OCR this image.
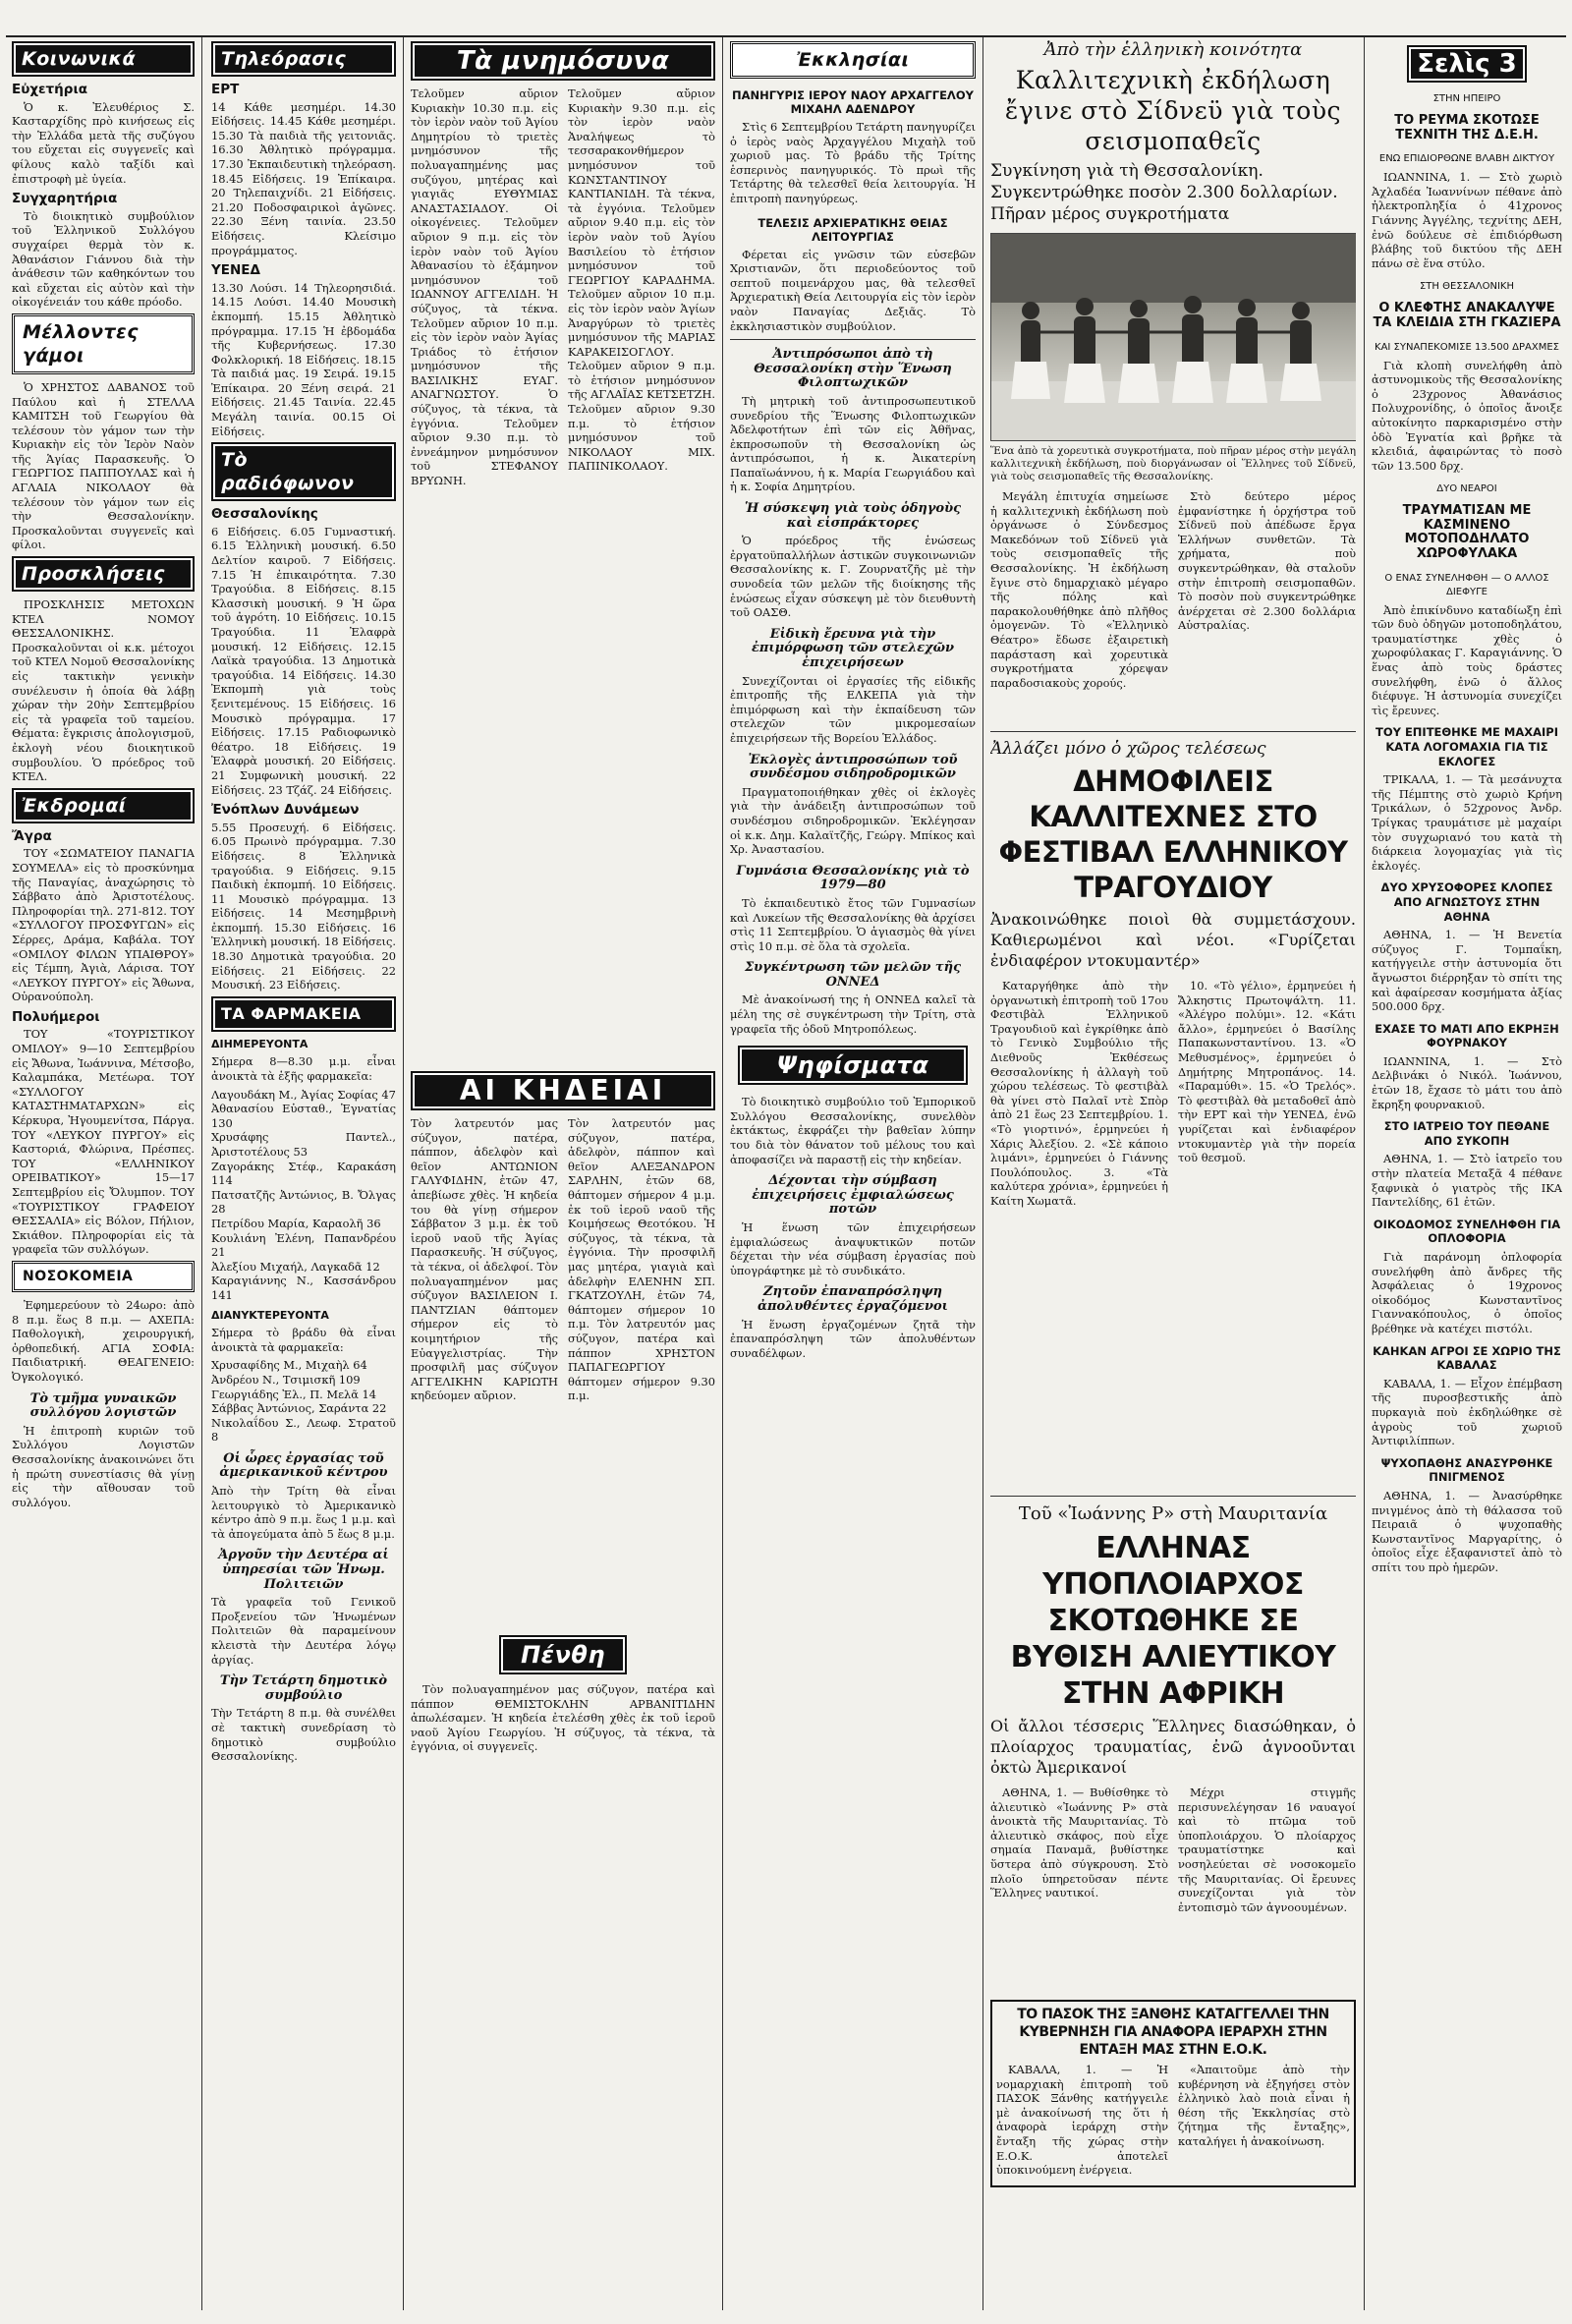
Κοινωνικά
Εὐχετήρια

Ὁ κ. Ἐλευθέριος Σ. Κασταρχίδης πρὸ κινήσεως εἰς τὴν Ἑλλάδα μετὰ τῆς συζύγου του εὔχεται εἰς συγγενεῖς καὶ φίλους καλὸ ταξίδι καὶ ἐπιστροφὴ μὲ ὑγεία.

Συγχαρητήρια

Τὸ διοικητικὸ συμβούλιον τοῦ Ἑλληνικοῦ Συλλόγου συγχαίρει θερμὰ τὸν κ. Ἀθανάσιον Γιάννου διὰ τὴν ἀνάθεσιν τῶν καθηκόντων του καὶ εὔχεται εἰς αὐτὸν καὶ τὴν οἰκογένειάν του κάθε πρόοδο.

Μέλλοντες γάμοι

Ὁ ΧΡΗΣΤΟΣ ΔΑΒΑΝΟΣ τοῦ Παύλου καὶ ἡ ΣΤΕΛΛΑ ΚΑΜΙΤΣΗ τοῦ Γεωργίου θὰ τελέσουν τὸν γάμον των τὴν Κυριακὴν εἰς τὸν Ἱερὸν Ναὸν τῆς Ἁγίας Παρασκευῆς. Ὁ ΓΕΩΡΓΙΟΣ ΠΑΠΠΟΥΛΑΣ καὶ ἡ ΑΓΛΑΙΑ ΝΙΚΟΛΑΟΥ θὰ τελέσουν τὸν γάμον των εἰς τὴν Θεσσαλονίκην. Προσκαλοῦνται συγγενεῖς καὶ φίλοι.

Προσκλήσεις

ΠΡΟΣΚΛΗΣΙΣ ΜΕΤΟΧΩΝ ΚΤΕΛ ΝΟΜΟΥ ΘΕΣΣΑΛΟΝΙΚΗΣ. Προσκαλοῦνται οἱ κ.κ. μέτοχοι τοῦ ΚΤΕΛ Νομοῦ Θεσσαλονίκης εἰς τακτικὴν γενικὴν συνέλευσιν ἡ ὁποία θὰ λάβῃ χώραν τὴν 20ὴν Σεπτεμβρίου εἰς τὰ γραφεῖα τοῦ ταμείου. Θέματα: ἔγκρισις ἀπολογισμοῦ, ἐκλογὴ νέου διοικητικοῦ συμβουλίου. Ὁ πρόεδρος τοῦ ΚΤΕΛ.

Ἐκδρομαί
Ἄγρα

ΤΟΥ «ΣΩΜΑΤΕΙΟΥ ΠΑΝΑΓΙΑ ΣΟΥΜΕΛΑ» εἰς τὸ προσκύνημα τῆς Παναγίας, ἀναχώρησις τὸ Σάββατο ἀπὸ Ἀριστοτέλους. Πληροφορίαι τηλ. 271-812. ΤΟΥ «ΣΥΛΛΟΓΟΥ ΠΡΟΣΦΥΓΩΝ» εἰς Σέρρες, Δράμα, Καβάλα. ΤΟΥ «ΟΜΙΛΟΥ ΦΙΛΩΝ ΥΠΑΙΘΡΟΥ» εἰς Τέμπη, Ἀγιὰ, Λάρισα. ΤΟΥ «ΛΕΥΚΟΥ ΠΥΡΓΟΥ» εἰς Ἄθωνα, Οὐρανούπολη.

Πολυήμεροι

ΤΟΥ «ΤΟΥΡΙΣΤΙΚΟΥ ΟΜΙΛΟΥ» 9—10 Σεπτεμβρίου εἰς Ἄθωνα, Ἰωάννινα, Μέτσοβο, Καλαμπάκα, Μετέωρα. ΤΟΥ «ΣΥΛΛΟΓΟΥ ΚΑΤΑΣΤΗΜΑΤΑΡΧΩΝ» εἰς Κέρκυρα, Ἠγουμενίτσα, Πάργα. ΤΟΥ «ΛΕΥΚΟΥ ΠΥΡΓΟΥ» εἰς Καστοριά, Φλώρινα, Πρέσπες. ΤΟΥ «ΕΛΛΗΝΙΚΟΥ ΟΡΕΙΒΑΤΙΚΟΥ» 15—17 Σεπτεμβρίου εἰς Ὄλυμπον. ΤΟΥ «ΤΟΥΡΙΣΤΙΚΟΥ ΓΡΑΦΕΙΟΥ ΘΕΣΣΑΛΙΑ» εἰς Βόλον, Πήλιον, Σκιάθον. Πληροφορίαι εἰς τὰ γραφεῖα τῶν συλλόγων.

ΝΟΣΟΚΟΜΕΙΑ

Ἐφημερεύουν τὸ 24ωρο: ἀπὸ 8 π.μ. ἕως 8 π.μ. — ΑΧΕΠΑ: Παθολογικὴ, χειρουργική, ὀρθοπεδική. ΑΓΙΑ ΣΟΦΙΑ: Παιδιατρική. ΘΕΑΓΕΝΕΙΟ: Ὀγκολογικό.

Τὸ τμῆμα γυναικῶν συλλόγου λογιστῶν

Ἡ ἐπιτροπὴ κυριῶν τοῦ Συλλόγου Λογιστῶν Θεσσαλονίκης ἀνακοινώνει ὅτι ἡ πρώτη συνεστίασις θὰ γίνῃ εἰς τὴν αἴθουσαν τοῦ συλλόγου.

Τηλεόρασις
ΕΡΤ

14 Κάθε μεσημέρι. 14.30 Εἰδήσεις. 14.45 Κάθε μεσημέρι. 15.30 Τὰ παιδιὰ τῆς γειτονιᾶς. 16.30 Ἀθλητικὸ πρόγραμμα. 17.30 Ἐκπαιδευτικὴ τηλεόραση. 18.45 Εἰδήσεις. 19 Ἐπίκαιρα. 20 Τηλεπαιχνίδι. 21 Εἰδήσεις. 21.20 Ποδοσφαιρικοὶ ἀγῶνες. 22.30 Ξένη ταινία. 23.50 Εἰδήσεις. Κλείσιμο προγράμματος.

ΥΕΝΕΔ

13.30 Λούσι. 14 Τηλεορησιδιά. 14.15 Λούσι. 14.40 Μουσικὴ ἐκπομπή. 15.15 Ἀθλητικὸ πρόγραμμα. 17.15 Ἡ ἐβδομάδα τῆς Κυβερνήσεως. 17.30 Φολκλορική. 18 Εἰδήσεις. 18.15 Τὰ παιδιά μας. 19 Σειρά. 19.15 Ἐπίκαιρα. 20 Ξένη σειρά. 21 Εἰδήσεις. 21.45 Ταινία. 22.45 Μεγάλη ταινία. 00.15 Οἱ Εἰδήσεις.

Τὸ ραδιόφωνον
Θεσσαλονίκης

6 Εἰδήσεις. 6.05 Γυμναστική. 6.15 Ἑλληνικὴ μουσική. 6.50 Δελτίον καιροῦ. 7 Εἰδήσεις. 7.15 Ἡ ἐπικαιρότητα. 7.30 Τραγούδια. 8 Εἰδήσεις. 8.15 Κλασσικὴ μουσική. 9 Ἡ ὥρα τοῦ ἀγρότη. 10 Εἰδήσεις. 10.15 Τραγούδια. 11 Ἐλαφρὰ μουσική. 12 Εἰδήσεις. 12.15 Λαϊκὰ τραγούδια. 13 Δημοτικὰ τραγούδια. 14 Εἰδήσεις. 14.30 Ἐκπομπὴ γιὰ τοὺς ξενιτεμένους. 15 Εἰδήσεις. 16 Μουσικὸ πρόγραμμα. 17 Εἰδήσεις. 17.15 Ραδιοφωνικὸ θέατρο. 18 Εἰδήσεις. 19 Ἐλαφρὰ μουσική. 20 Εἰδήσεις. 21 Συμφωνικὴ μουσική. 22 Εἰδήσεις. 23 Τζάζ. 24 Εἰδήσεις.

Ἐνόπλων Δυνάμεων

5.55 Προσευχή. 6 Εἰδήσεις. 6.05 Πρωινὸ πρόγραμμα. 7.30 Εἰδήσεις. 8 Ἑλληνικὰ τραγούδια. 9 Εἰδήσεις. 9.15 Παιδικὴ ἐκπομπή. 10 Εἰδήσεις. 11 Μουσικὸ πρόγραμμα. 13 Εἰδήσεις. 14 Μεσημβρινὴ ἐκπομπή. 15.30 Εἰδήσεις. 16 Ἐλληνικὴ μουσική. 18 Εἰδήσεις. 18.30 Δημοτικὰ τραγούδια. 20 Εἰδήσεις. 21 Εἰδήσεις. 22 Μουσική. 23 Εἰδήσεις.

ΤΑ ΦΑΡΜΑΚΕΙΑ
ΔΙΗΜΕΡΕΥΟΝΤΑ

Σήμερα 8—8.30 μ.μ. εἶναι ἀνοικτὰ τὰ ἑξῆς φαρμακεῖα:

Λαγουδάκη Μ., Ἀγίας Σοφίας 47
Ἀθανασίου Εὐσταθ., Ἐγνατίας 130
Χρυσάφης Παντελ., Ἀριστοτέλους 53
Ζαγοράκης Στέφ., Καρακάση 114
Πατσατζῆς Ἀντώνιος, Β. Ὄλγας 28
Πετρίδου Μαρία, Καραολῆ 36
Κουλιάνη Ἐλένη, Παπανδρέου 21
Ἀλεξίου Μιχαήλ, Λαγκαδᾶ 12
Καραγιάννης Ν., Κασσάνδρου 141
ΔΙΑΝΥΚΤΕΡΕΥΟΝΤΑ

Σήμερα τὸ βράδυ θὰ εἶναι ἀνοικτὰ τὰ φαρμακεῖα:

Χρυσαφίδης Μ., Μιχαὴλ 64
Ἀνδρέου Ν., Τσιμισκῆ 109
Γεωργιάδης Ἐλ., Π. Μελᾶ 14
Σάββας Ἀντώνιος, Σαράντα 22
Νικολαΐδου Σ., Λεωφ. Στρατοῦ 8
Οἱ ὧρες ἐργασίας τοῦ ἀμερικανικοῦ κέντρου

Ἀπὸ τὴν Τρίτη θὰ εἶναι λειτουργικὸ τὸ Ἀμερικανικὸ κέντρο ἀπὸ 9 π.μ. ἕως 1 μ.μ. καὶ τὰ ἀπογεύματα ἀπὸ 5 ἕως 8 μ.μ.

Ἀργοῦν τὴν Δευτέρα αἱ ὑπηρεσίαι τῶν Ἡνωμ. Πολιτειῶν

Τὰ γραφεῖα τοῦ Γενικοῦ Προξενείου τῶν Ἡνωμένων Πολιτειῶν θὰ παραμείνουν κλειστὰ τὴν Δευτέρα λόγῳ ἀργίας.

Τὴν Τετάρτη δημοτικὸ συμβούλιο

Τὴν Τετάρτη 8 π.μ. θὰ συνέλθει σὲ τακτικὴ συνεδρίαση τὸ δημοτικὸ συμβούλιο Θεσσαλονίκης.

Τὰ μνημόσυνα

Τελοῦμεν αὔριον Κυριακὴν 10.30 π.μ. εἰς τὸν ἱερὸν ναὸν τοῦ Ἁγίου Δημητρίου τὸ τριετὲς μνημόσυνον τῆς πολυαγαπημένης μας συζύγου, μητέρας καὶ γιαγιᾶς ΕΥΘΥΜΙΑΣ ΑΝΑΣΤΑΣΙΑΔΟΥ. Οἱ οἰκογένειες. Τελοῦμεν αὔριον 9 π.μ. εἰς τὸν ἱερὸν ναὸν τοῦ Ἁγίου Ἀθανασίου τὸ ἑξάμηνον μνημόσυνον τοῦ ΙΩΑΝΝΟΥ ΑΓΓΕΛΙΔΗ. Ἡ σύζυγος, τὰ τέκνα. Τελοῦμεν αὔριον 10 π.μ. εἰς τὸν ἱερὸν ναὸν Ἁγίας Τριάδος τὸ ἐτήσιον μνημόσυνον τῆς ΒΑΣΙΛΙΚΗΣ ΕΥΑΓ. ΑΝΑΓΝΩΣΤΟΥ. Ὁ σύζυγος, τὰ τέκνα, τὰ ἐγγόνια. Τελοῦμεν αὔριον 9.30 π.μ. τὸ ἐννεάμηνον μνημόσυνον τοῦ ΣΤΕΦΑΝΟΥ ΒΡΥΩΝΗ.

Τελοῦμεν αὔριον Κυριακὴν 9.30 π.μ. εἰς τὸν ἱερὸν ναὸν Ἀναλήψεως τὸ τεσσαρακονθήμερον μνημόσυνον τοῦ ΚΩΝΣΤΑΝΤΙΝΟΥ ΚΑΝΤΙΑΝΙΔΗ. Τὰ τέκνα, τὰ ἐγγόνια. Τελοῦμεν αὔριον 9.40 π.μ. εἰς τὸν ἱερὸν ναὸν τοῦ Ἁγίου Βασιλείου τὸ ἐτήσιον μνημόσυνον τοῦ ΓΕΩΡΓΙΟΥ ΚΑΡΑΔΗΜΑ. Τελοῦμεν αὔριον 10 π.μ. εἰς τὸν ἱερὸν ναὸν Ἁγίων Ἀναργύρων τὸ τριετὲς μνημόσυνον τῆς ΜΑΡΙΑΣ ΚΑΡΑΚΕΙΣΟΓΛΟΥ. Τελοῦμεν αὔριον 9 π.μ. τὸ ἐτήσιον μνημόσυνον τῆς ΑΓΛΑΪΑΣ ΚΕΤΣΕΤΖΗ. Τελοῦμεν αὔριον 9.30 π.μ. τὸ ἐτήσιον μνημόσυνον τοῦ ΝΙΚΟΛΑΟΥ ΜΙΧ. ΠΑΠΙΝΙΚΟΛΑΟΥ.

ΑΙ ΚΗΔΕΙΑΙ

Τὸν λατρευτόν μας σύζυγον, πατέρα, πάππον, ἀδελφὸν καὶ θεῖον ΑΝΤΩΝΙΟΝ ΓΑΛΥΦΙΔΗΝ, ἐτῶν 47, ἀπεβίωσε χθὲς. Ἡ κηδεία του θὰ γίνῃ σήμερον Σάββατον 3 μ.μ. ἐκ τοῦ ἱεροῦ ναοῦ τῆς Ἁγίας Παρασκευῆς. Ἡ σύζυγος, τὰ τέκνα, οἱ ἀδελφοί. Τὸν πολυαγαπημένον μας σύζυγον ΒΑΣΙΛΕΙΟΝ Ι. ΠΑΝΤΖΙΑΝ θάπτομεν σήμερον εἰς τὸ κοιμητήριον τῆς Εὐαγγελιστρίας. Τὴν προσφιλῆ μας σύζυγον ΑΓΓΕΛΙΚΗΝ ΚΑΡΙΩΤΗ κηδεύομεν αὔριον.

Τὸν λατρευτόν μας σύζυγον, πατέρα, ἀδελφὸν, πάππον καὶ θεῖον ΑΛΕΞΑΝΔΡΟΝ ΣΑΡΛΗΝ, ἐτῶν 68, θάπτομεν σήμερον 4 μ.μ. ἐκ τοῦ ἱεροῦ ναοῦ τῆς Κοιμήσεως Θεοτόκου. Ἡ σύζυγος, τὰ τέκνα, τὰ ἐγγόνια. Τὴν προσφιλῆ μας μητέρα, γιαγιὰ καὶ ἀδελφὴν ΕΛΕΝΗΝ ΣΠ. ΓΚΑΤΖΟΥΛΗ, ἐτῶν 74, θάπτομεν σήμερον 10 π.μ. Τὸν λατρευτόν μας σύζυγον, πατέρα καὶ πάππον ΧΡΗΣΤΟΝ ΠΑΠΑΓΕΩΡΓΙΟΥ θάπτομεν σήμερον 9.30 π.μ.

Πένθη

Τὸν πολυαγαπημένον μας σύζυγον, πατέρα καὶ πάππον ΘΕΜΙΣΤΟΚΛΗΝ ΑΡΒΑΝΙΤΙΔΗΝ ἀπωλέσαμεν. Ἡ κηδεία ἐτελέσθη χθὲς ἐκ τοῦ ἱεροῦ ναοῦ Ἁγίου Γεωργίου. Ἡ σύζυγος, τὰ τέκνα, τὰ ἐγγόνια, οἱ συγγενεῖς.

Ἐκκλησίαι
ΠΑΝΗΓΥΡΙΣ ΙΕΡΟΥ ΝΑΟΥ ΑΡΧΑΓΓΕΛΟΥ ΜΙΧΑΗΛ ΑΔΕΝΔΡΟΥ

Στὶς 6 Σεπτεμβρίου Τετάρτη πανηγυρίζει ὁ ἱερὸς ναὸς Ἀρχαγγέλου Μιχαὴλ τοῦ χωριοῦ μας. Τὸ βράδυ τῆς Τρίτης ἑσπερινὸς πανηγυρικός. Τὸ πρωὶ τῆς Τετάρτης θὰ τελεσθεῖ θεία λειτουργία. Ἡ ἐπιτροπὴ πανηγύρεως.

ΤΕΛΕΣΙΣ ΑΡΧΙΕΡΑΤΙΚΗΣ ΘΕΙΑΣ ΛΕΙΤΟΥΡΓΙΑΣ

Φέρεται εἰς γνῶσιν τῶν εὐσεβῶν Χριστιανῶν, ὅτι περιοδεύοντος τοῦ σεπτοῦ ποιμενάρχου μας, θὰ τελεσθεῖ Ἀρχιερατικὴ Θεία Λειτουργία εἰς τὸν ἱερὸν ναὸν Παναγίας Δεξιᾶς. Τὸ ἐκκλησιαστικὸν συμβούλιον.

Ἀντιπρόσωποι ἀπὸ τὴ Θεσσαλονίκη στὴν Ἕνωση Φιλοπτωχικῶν

Τὴ μητρικὴ τοῦ ἀντιπροσωπευτικοῦ συνεδρίου τῆς Ἕνωσης Φιλοπτωχικῶν Ἀδελφοτήτων ἐπὶ τῶν εἰς Ἀθῆνας, ἐκπροσωποῦν τὴ Θεσσαλονίκη ὡς ἀντιπρόσωποι, ἡ κ. Ἀικατερίνη Παπαϊωάννου, ἡ κ. Μαρία Γεωργιάδου καὶ ἡ κ. Σοφία Δημητρίου.

Ἡ σύσκεψη γιὰ τοὺς ὁδηγοὺς καὶ εἰσπράκτορες

Ὁ πρόεδρος τῆς ἑνώσεως ἐργατοϋπαλλήλων ἀστικῶν συγκοινωνιῶν Θεσσαλονίκης κ. Γ. Ζουρνατζῆς μὲ τὴν συνοδεία τῶν μελῶν τῆς διοίκησης τῆς ἑνώσεως εἶχαν σύσκεψη μὲ τὸν διευθυντὴ τοῦ ΟΑΣΘ.

Εἰδικὴ ἔρευνα γιὰ τὴν ἐπιμόρφωση τῶν στελεχῶν ἐπιχειρήσεων

Συνεχίζονται οἱ ἐργασίες τῆς εἰδικῆς ἐπιτροπῆς τῆς ΕΛΚΕΠΑ γιὰ τὴν ἐπιμόρφωση καὶ τὴν ἐκπαίδευση τῶν στελεχῶν τῶν μικρομεσαίων ἐπιχειρήσεων τῆς Βορείου Ἑλλάδος.

Ἐκλογὲς ἀντιπροσώπων τοῦ συνδέσμου σιδηροδρομικῶν

Πραγματοποιήθηκαν χθὲς οἱ ἐκλογὲς γιὰ τὴν ἀνάδειξη ἀντιπροσώπων τοῦ συνδέσμου σιδηροδρομικῶν. Ἐκλέγησαν οἱ κ.κ. Δημ. Καλαϊτζῆς, Γεώργ. Μπίκος καὶ Χρ. Ἀναστασίου.

Γυμνάσια Θεσσαλονίκης γιὰ τὸ 1979—80

Τὸ ἐκπαιδευτικὸ ἔτος τῶν Γυμνασίων καὶ Λυκείων τῆς Θεσσαλονίκης θὰ ἀρχίσει στὶς 11 Σεπτεμβρίου. Ὁ ἁγιασμὸς θὰ γίνει στὶς 10 π.μ. σὲ ὅλα τὰ σχολεῖα.

Συγκέντρωση τῶν μελῶν τῆς ΟΝΝΕΔ

Μὲ ἀνακοίνωσή της ἡ ΟΝΝΕΔ καλεῖ τὰ μέλη της σὲ συγκέντρωση τὴν Τρίτη, στὰ γραφεῖα τῆς ὁδοῦ Μητροπόλεως.

Ψηφίσματα

Τὸ διοικητικὸ συμβούλιο τοῦ Ἐμπορικοῦ Συλλόγου Θεσσαλονίκης, συνελθὸν ἐκτάκτως, ἐκφράζει τὴν βαθεῖαν λύπην του διὰ τὸν θάνατον τοῦ μέλους του καὶ ἀποφασίζει νὰ παραστῇ εἰς τὴν κηδείαν.

Δέχονται τὴν σύμβαση ἐπιχειρήσεις ἐμφιαλώσεως ποτῶν

Ἡ ἕνωση τῶν ἐπιχειρήσεων ἐμφιαλώσεως ἀναψυκτικῶν ποτῶν δέχεται τὴν νέα σύμβαση ἐργασίας ποὺ ὑπογράφτηκε μὲ τὸ συνδικάτο.

Ζητοῦν ἐπαναπρόσληψη ἀπολυθέντες ἐργαζόμενοι

Ἡ ἕνωση ἐργαζομένων ζητᾶ τὴν ἐπαναπρόσληψη τῶν ἀπολυθέντων συναδέλφων.

Ἀπὸ τὴν ἑλληνικὴ κοινότητα
Καλλιτεχνικὴ ἐκδήλωση ἔγινε στὸ Σίδνεϋ γιὰ τοὺς σεισμοπαθεῖς
Συγκίνηση γιὰ τὴ Θεσσαλονίκη. Συγκεντρώθηκε ποσὸν 2.300 δολλαρίων. Πῆραν μέρος συγκροτήματα
Ἕνα ἀπὸ τὰ χορευτικὰ συγκροτήματα, ποὺ πῆραν μέρος στὴν μεγάλη καλλιτεχνικὴ ἐκδήλωση, ποὺ διοργάνωσαν οἱ Ἕλληνες τοῦ Σίδνεϋ, γιὰ τοὺς σεισμοπαθεῖς τῆς Θεσσαλονίκης.

Μεγάλη ἐπιτυχία σημείωσε ἡ καλλιτεχνικὴ ἐκδήλωση ποὺ ὀργάνωσε ὁ Σύνδεσμος Μακεδόνων τοῦ Σίδνεϋ γιὰ τοὺς σεισμοπαθεῖς τῆς Θεσσαλονίκης. Ἡ ἐκδήλωση ἔγινε στὸ δημαρχιακὸ μέγαρο τῆς πόλης καὶ παρακολουθήθηκε ἀπὸ πλῆθος ὁμογενῶν. Τὸ «Ἐλληνικὸ Θέατρο» ἔδωσε ἐξαιρετικὴ παράσταση καὶ χορευτικὰ συγκροτήματα χόρεψαν παραδοσιακοὺς χορούς.

Στὸ δεύτερο μέρος ἐμφανίστηκε ἡ ὀρχήστρα τοῦ Σίδνεϋ ποὺ ἀπέδωσε ἔργα Ἑλλήνων συνθετῶν. Τὰ χρήματα, ποὺ συγκεντρώθηκαν, θὰ σταλοῦν στὴν ἐπιτροπὴ σεισμοπαθῶν. Τὸ ποσὸν ποὺ συγκεντρώθηκε ἀνέρχεται σὲ 2.300 δολλάρια Αὐστραλίας.

Ἀλλάζει μόνο ὁ χῶρος τελέσεως
ΔΗΜΟΦΙΛΕΙΣ ΚΑΛΛΙΤΕΧΝΕΣ ΣΤΟ ΦΕΣΤΙΒΑΛ ΕΛΛΗΝΙΚΟΥ ΤΡΑΓΟΥΔΙΟΥ
Ἀνακοινώθηκε ποιοὶ θὰ συμμετάσχουν. Καθιερωμένοι καὶ νέοι. «Γυρίζεται ἐνδιαφέρον ντοκυμαντέρ»

Καταργήθηκε ἀπὸ τὴν ὀργανωτικὴ ἐπιτροπὴ τοῦ 17ου Φεστιβὰλ Ἑλληνικοῦ Τραγουδιοῦ καὶ ἐγκρίθηκε ἀπὸ τὸ Γενικὸ Συμβούλιο τῆς Διεθνοῦς Ἐκθέσεως Θεσσαλονίκης ἡ ἀλλαγὴ τοῦ χώρου τελέσεως. Τὸ φεστιβὰλ θὰ γίνει στὸ Παλαῖ ντὲ Σπὸρ ἀπὸ 21 ἕως 23 Σεπτεμβρίου. 1. «Τὸ γιορτινό», ἑρμηνεύει ἡ Χάρις Ἀλεξίου. 2. «Σὲ κάποιο λιμάνι», ἑρμηνεύει ὁ Γιάννης Πουλόπουλος. 3. «Τὰ καλύτερα χρόνια», ἑρμηνεύει ἡ Καίτη Χωματᾶ.

10. «Τὸ γέλιο», ἑρμηνεύει ἡ Ἄλκηστις Πρωτοψάλτη. 11. «Ἀλέγρο πολύμι». 12. «Κάτι ἄλλο», ἑρμηνεύει ὁ Βασίλης Παπακωνσταντίνου. 13. «Ὁ Μεθυσμένος», ἑρμηνεύει ὁ Δημήτρης Μητροπάνος. 14. «Παραμύθι». 15. «Ὁ Τρελός». Τὸ φεστιβὰλ θὰ μεταδοθεῖ ἀπὸ τὴν ΕΡΤ καὶ τὴν ΥΕΝΕΔ, ἐνῶ γυρίζεται καὶ ἐνδιαφέρον ντοκυμαντὲρ γιὰ τὴν πορεία τοῦ θεσμοῦ.

Τοῦ «Ἰωάννης Ρ» στὴ Μαυριτανία
ΕΛΛΗΝΑΣ ΥΠΟΠΛΟΙΑΡΧΟΣ ΣΚΟΤΩΘΗΚΕ ΣΕ ΒΥΘΙΣΗ ΑΛΙΕΥΤΙΚΟΥ ΣΤΗΝ ΑΦΡΙΚΗ
Οἱ ἄλλοι τέσσερις Ἕλληνες διασώθηκαν, ὁ πλοίαρχος τραυματίας, ἐνῶ ἀγνοοῦνται ὀκτὼ Ἀμερικανοί

ΑΘΗΝΑ, 1. — Βυθίσθηκε τὸ ἀλιευτικὸ «Ἰωάννης Ρ» στὰ ἀνοικτὰ τῆς Μαυριτανίας. Τὸ ἀλιευτικὸ σκάφος, ποὺ εἶχε σημαία Παναμᾶ, βυθίστηκε ὕστερα ἀπὸ σύγκρουση. Στὸ πλοῖο ὑπηρετοῦσαν πέντε Ἕλληνες ναυτικοί.

Μέχρι στιγμῆς περισυνελέγησαν 16 ναυαγοί καὶ τὸ πτῶμα τοῦ ὑποπλοιάρχου. Ὁ πλοίαρχος τραυματίστηκε καὶ νοσηλεύεται σὲ νοσοκομεῖο τῆς Μαυριτανίας. Οἱ ἔρευνες συνεχίζονται γιὰ τὸν ἐντοπισμὸ τῶν ἀγνοουμένων.

ΤΟ ΠΑΣΟΚ ΤΗΣ ΞΑΝΘΗΣ ΚΑΤΑΓΓΕΛΛΕΙ ΤΗΝ ΚΥΒΕΡΝΗΣΗ ΓΙΑ ΑΝΑΦΟΡΑ ΙΕΡΑΡΧΗ ΣΤΗΝ ΕΝΤΑΞΗ ΜΑΣ ΣΤΗΝ Ε.Ο.Κ.

ΚΑΒΑΛΑ, 1. — Ἡ νομαρχιακὴ ἐπιτροπὴ τοῦ ΠΑΣΟΚ Ξάνθης κατήγγειλε μὲ ἀνακοίνωσή της ὅτι ἡ ἀναφορὰ ἱεράρχη στὴν ἔνταξη τῆς χώρας στὴν Ε.Ο.Κ. ἀποτελεῖ ὑποκινούμενη ἐνέργεια.

«Ἀπαιτοῦμε ἀπὸ τὴν κυβέρνηση νὰ ἐξηγήσει στὸν ἑλληνικὸ λαὸ ποιὰ εἶναι ἡ θέση τῆς Ἐκκλησίας στὸ ζήτημα τῆς ἔνταξης», καταλήγει ἡ ἀνακοίνωση.

Σελὶς 3
ΣΤΗΝ ΗΠΕΙΡΟ
ΤΟ ΡΕΥΜΑ ΣΚΟΤΩΣΕ ΤΕΧΝΙΤΗ ΤΗΣ Δ.Ε.Η.
ΕΝΩ ΕΠΙΔΙΟΡΘΩΝΕ ΒΛΑΒΗ ΔΙΚΤΥΟΥ

ΙΩΑΝΝΙΝΑ, 1. — Στὸ χωριὸ Ἀχλαδέα Ἰωαννίνων πέθανε ἀπὸ ἠλεκτροπληξία ὁ 41χρονος Γιάννης Ἀγγέλης, τεχνίτης ΔΕΗ, ἐνῶ δούλευε σὲ ἐπιδιόρθωση βλάβης τοῦ δικτύου τῆς ΔΕΗ πάνω σὲ ἕνα στύλο.

ΣΤΗ ΘΕΣΣΑΛΟΝΙΚΗ
Ο ΚΛΕΦΤΗΣ ΑΝΑΚΑΛΥΨΕ ΤΑ ΚΛΕΙΔΙΑ ΣΤΗ ΓΚΑΖΙΕΡΑ
ΚΑΙ ΣΥΝΑΠΕΚΟΜΙΣΕ 13.500 ΔΡΑΧΜΕΣ

Γιὰ κλοπὴ συνελήφθη ἀπὸ ἀστυνομικοὺς τῆς Θεσσαλονίκης ὁ 23χρονος Ἀθανάσιος Πολυχρονίδης, ὁ ὁποῖος ἄνοιξε αὐτοκίνητο παρκαρισμένο στὴν ὁδὸ Ἐγνατία καὶ βρῆκε τὰ κλειδιά, ἀφαιρώντας τὸ ποσὸ τῶν 13.500 δρχ.

ΔΥΟ ΝΕΑΡΟΙ
ΤΡΑΥΜΑΤΙΣΑΝ ΜΕ ΚΑΣΜΙΝΕΝΟ ΜΟΤΟΠΟΔΗΛΑΤΟ ΧΩΡΟΦΥΛΑΚΑ
Ο ΕΝΑΣ ΣΥΝΕΛΗΦΘΗ — Ο ΑΛΛΟΣ ΔΙΕΦΥΓΕ

Ἀπὸ ἐπικίνδυνο καταδίωξη ἐπὶ τῶν δυὸ ὁδηγῶν μοτοποδηλάτου, τραυματίστηκε χθὲς ὁ χωροφύλακας Γ. Καραγιάννης. Ὁ ἕνας ἀπὸ τοὺς δράστες συνελήφθη, ἐνῶ ὁ ἄλλος διέφυγε. Ἡ ἀστυνομία συνεχίζει τὶς ἔρευνες.

ΤΟΥ ΕΠΙΤΕΘΗΚΕ ΜΕ ΜΑΧΑΙΡΙ ΚΑΤΑ ΛΟΓΟΜΑΧΙΑ ΓΙΑ ΤΙΣ ΕΚΛΟΓΕΣ

ΤΡΙΚΑΛΑ, 1. — Τὰ μεσάνυχτα τῆς Πέμπτης στὸ χωριὸ Κρήνη Τρικάλων, ὁ 52χρονος Ἀνδρ. Τρίγκας τραυμάτισε μὲ μαχαίρι τὸν συγχωριανό του κατὰ τὴ διάρκεια λογομαχίας γιὰ τὶς ἐκλογές.

ΔΥΟ ΧΡΥΣΟΦΟΡΕΣ ΚΛΟΠΕΣ ΑΠΟ ΑΓΝΩΣΤΟΥΣ ΣΤΗΝ ΑΘΗΝΑ

ΑΘΗΝΑ, 1. — Ἡ Βενετία σύζυγος Γ. Τομπαΐκη, κατήγγειλε στὴν ἀστυνομία ὅτι ἄγνωστοι διέρρηξαν τὸ σπίτι της καὶ ἀφαίρεσαν κοσμήματα ἀξίας 500.000 δρχ.

ΕΧΑΣΕ ΤΟ ΜΑΤΙ ΑΠΟ ΕΚΡΗΞΗ ΦΟΥΡΝΑΚΟΥ

ΙΩΑΝΝΙΝΑ, 1. — Στὸ Δελβινάκι ὁ Νικόλ. Ἰωάννου, ἐτῶν 18, ἔχασε τὸ μάτι του ἀπὸ ἔκρηξη φουρνακιοῦ.

ΣΤΟ ΙΑΤΡΕΙΟ ΤΟΥ ΠΕΘΑΝΕ ΑΠΟ ΣΥΚΟΠΗ

ΑΘΗΝΑ, 1. — Στὸ ἰατρεῖο του στὴν πλατεία Μεταξᾶ 4 πέθανε ξαφνικὰ ὁ γιατρὸς τῆς ΙΚΑ Παντελίδης, 61 ἐτῶν.

ΟΙΚΟΔΟΜΟΣ ΣΥΝΕΛΗΦΘΗ ΓΙΑ ΟΠΛΟΦΟΡΙΑ

Γιὰ παράνομη ὀπλοφορία συνελήφθη ἀπὸ ἄνδρες τῆς Ἀσφάλειας ὁ 19χρονος οἰκοδόμος Κωνσταντῖνος Γιαννακόπουλος, ὁ ὁποῖος βρέθηκε νὰ κατέχει πιστόλι.

ΚΑΗΚΑΝ ΑΓΡΟΙ ΣΕ ΧΩΡΙΟ ΤΗΣ ΚΑΒΑΛΑΣ

ΚΑΒΑΛΑ, 1. — Εἶχον ἐπέμβαση τῆς πυροσβεστικῆς ἀπὸ πυρκαγιὰ ποὺ ἐκδηλώθηκε σὲ ἀγροὺς τοῦ χωριοῦ Ἀντιφιλίππων.

ΨΥΧΟΠΑΘΗΣ ΑΝΑΣΥΡΘΗΚΕ ΠΝΙΓΜΕΝΟΣ

ΑΘΗΝΑ, 1. — Ἀνασύρθηκε πνιγμένος ἀπὸ τὴ θάλασσα τοῦ Πειραιᾶ ὁ ψυχοπαθὴς Κωνσταντῖνος Μαργαρίτης, ὁ ὁποῖος εἶχε ἐξαφανιστεῖ ἀπὸ τὸ σπίτι του πρὸ ἡμερῶν.
